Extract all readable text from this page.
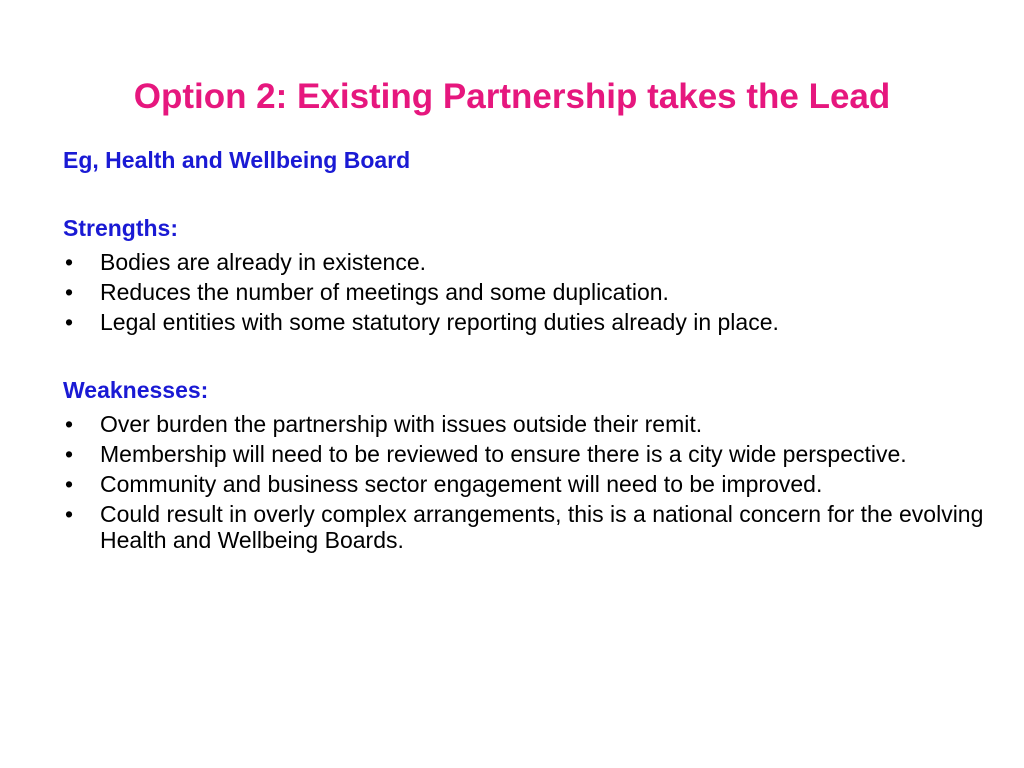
Option 2: Existing Partnership takes the Lead
Eg, Health and Wellbeing Board
Strengths:
• Bodies are already in existence.
• Reduces the number of meetings and some duplication.
• Legal entities with some statutory reporting duties already in place.
Weaknesses:
• Over burden the partnership with issues outside their remit.
• Membership will need to be reviewed to ensure there is a city wide perspective.
• Community and business sector engagement will need to be improved.
• Could result in overly complex arrangements, this is a national concern for the evolving Health and Wellbeing Boards.
